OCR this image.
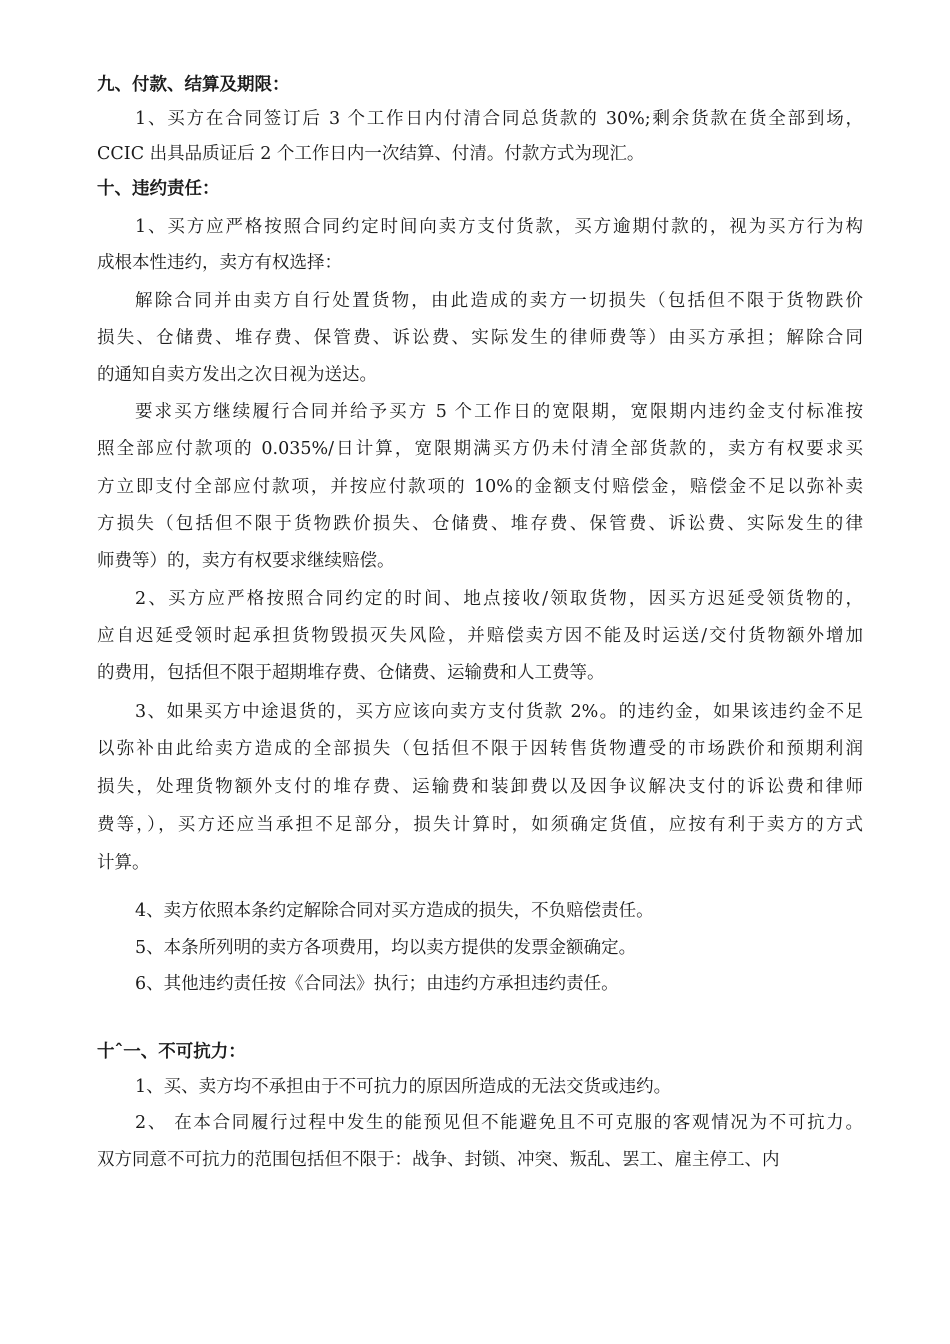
九、付款、结算及期限：
1、买方在合同签订后 3 个工作日内付清合同总货款的 30%;剩余货款在货全部到场，
CCIC 出具品质证后 2 个工作日内一次结算、付清。付款方式为现汇。
十、违约责任：
1、买方应严格按照合同约定时间向卖方支付货款，买方逾期付款的，视为买方行为构
成根本性违约，卖方有权选择：
解除合同并由卖方自行处置货物，由此造成的卖方一切损失（包括但不限于货物跌价
损失、仓储费、堆存费、保管费、诉讼费、实际发生的律师费等）由买方承担；解除合同
的通知自卖方发出之次日视为送达。
要求买方继续履行合同并给予买方 5 个工作日的宽限期，宽限期内违约金支付标准按
照全部应付款项的 0.035%/日计算，宽限期满买方仍未付清全部货款的，卖方有权要求买
方立即支付全部应付款项，并按应付款项的 10%的金额支付赔偿金，赔偿金不足以弥补卖
方损失（包括但不限于货物跌价损失、仓储费、堆存费、保管费、诉讼费、实际发生的律
师费等）的，卖方有权要求继续赔偿。
2、买方应严格按照合同约定的时间、地点接收/领取货物，因买方迟延受领货物的，
应自迟延受领时起承担货物毁损灭失风险，并赔偿卖方因不能及时运送/交付货物额外增加
的费用，包括但不限于超期堆存费、仓储费、运输费和人工费等。
3、如果买方中途退货的，买方应该向卖方支付货款 2%。的违约金，如果该违约金不足
以弥补由此给卖方造成的全部损失（包括但不限于因转售货物遭受的市场跌价和预期利润
损失，处理货物额外支付的堆存费、运输费和装卸费以及因争议解决支付的诉讼费和律师
费等，），买方还应当承担不足部分，损失计算时，如须确定货值，应按有利于卖方的方式
计算。
4、卖方依照本条约定解除合同对买方造成的损失，不负赔偿责任。
5、本条所列明的卖方各项费用，均以卖方提供的发票金额确定。
6、其他违约责任按《合同法》执行；由违约方承担违约责任。
十ˆ一、不可抗力：
1、买、卖方均不承担由于不可抗力的原因所造成的无法交货或违约。
2、 在本合同履行过程中发生的能预见但不能避免且不可克服的客观情况为不可抗力。
双方同意不可抗力的范围包括但不限于：战争、封锁、冲突、叛乱、罢工、雇主停工、内
